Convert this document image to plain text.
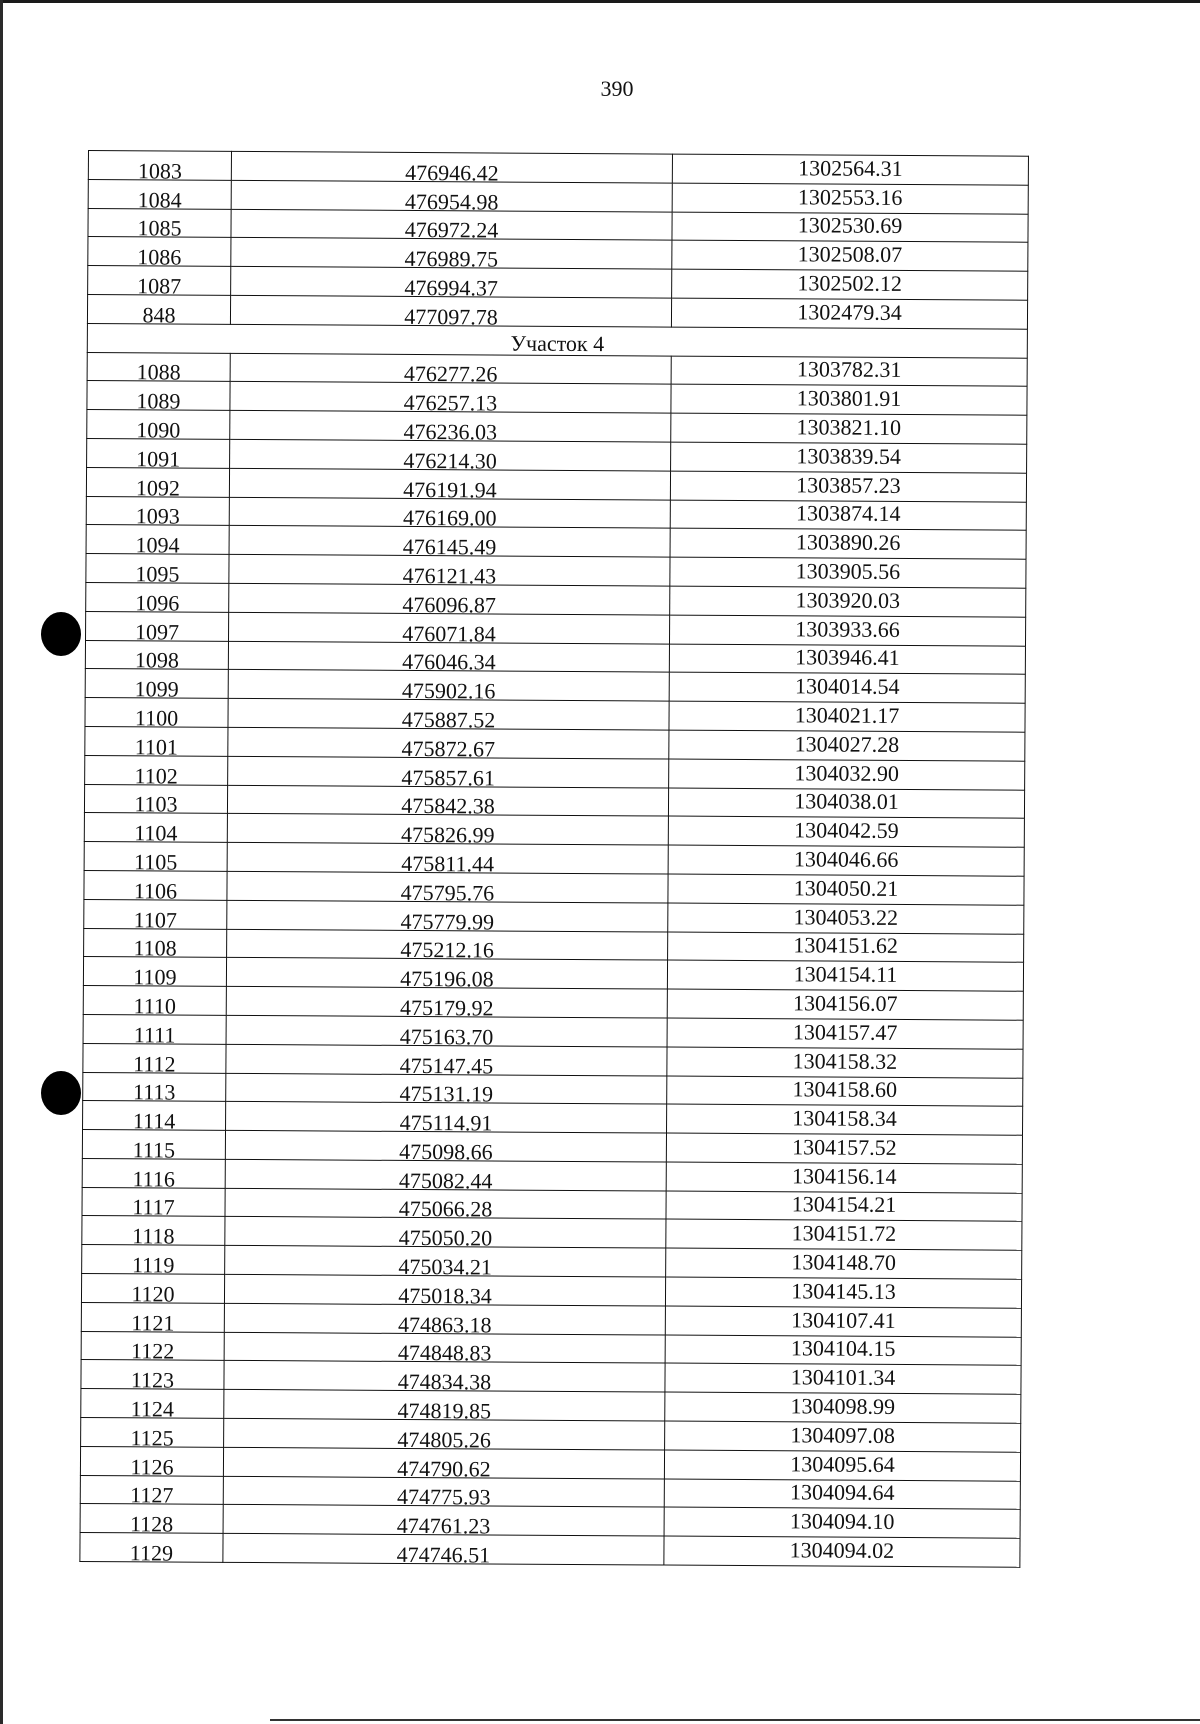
390
1083	476946.42	1302564.31
1084	476954.98	1302553.16
1085	476972.24	1302530.69
1086	476989.75	1302508.07
1087	476994.37	1302502.12
848	477097.78	1302479.34
Участок 4		
1088	476277.26	1303782.31
1089	476257.13	1303801.91
1090	476236.03	1303821.10
1091	476214.30	1303839.54
1092	476191.94	1303857.23
1093	476169.00	1303874.14
1094	476145.49	1303890.26
1095	476121.43	1303905.56
1096	476096.87	1303920.03
1097	476071.84	1303933.66
1098	476046.34	1303946.41
1099	475902.16	1304014.54
1100	475887.52	1304021.17
1101	475872.67	1304027.28
1102	475857.61	1304032.90
1103	475842.38	1304038.01
1104	475826.99	1304042.59
1105	475811.44	1304046.66
1106	475795.76	1304050.21
1107	475779.99	1304053.22
1108	475212.16	1304151.62
1109	475196.08	1304154.11
1110	475179.92	1304156.07
1111	475163.70	1304157.47
1112	475147.45	1304158.32
1113	475131.19	1304158.60
1114	475114.91	1304158.34
1115	475098.66	1304157.52
1116	475082.44	1304156.14
1117	475066.28	1304154.21
1118	475050.20	1304151.72
1119	475034.21	1304148.70
1120	475018.34	1304145.13
1121	474863.18	1304107.41
1122	474848.83	1304104.15
1123	474834.38	1304101.34
1124	474819.85	1304098.99
1125	474805.26	1304097.08
1126	474790.62	1304095.64
1127	474775.93	1304094.64
1128	474761.23	1304094.10
1129	474746.51	1304094.02
